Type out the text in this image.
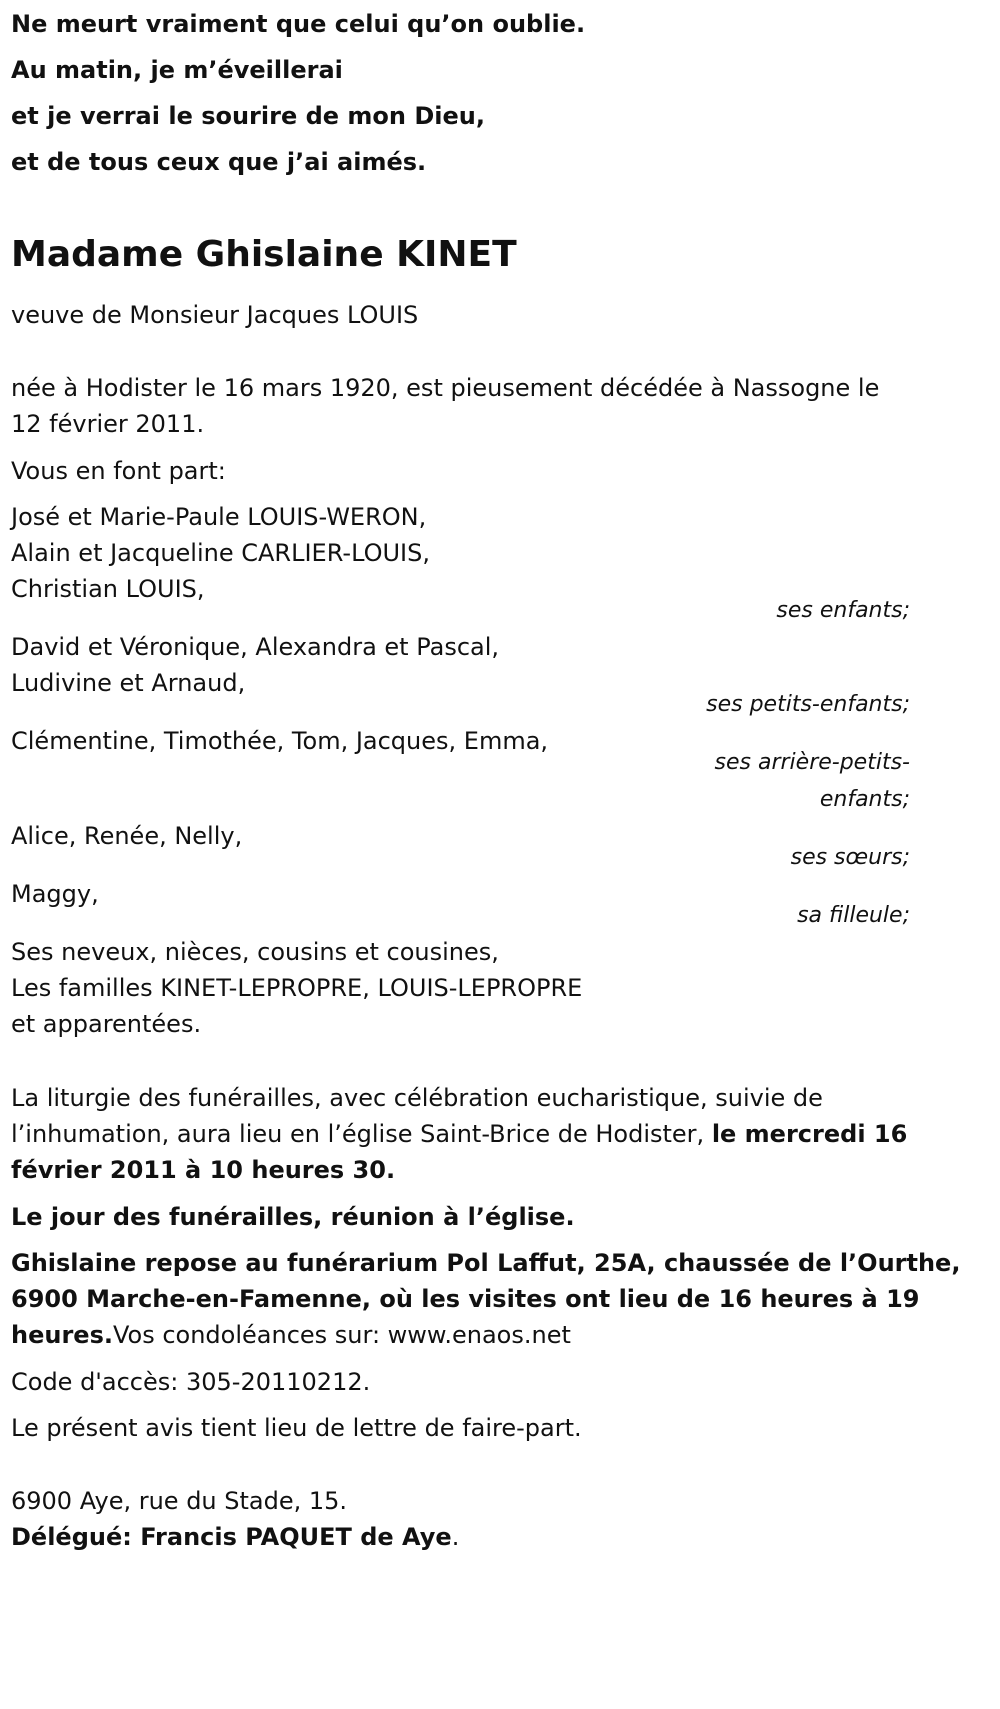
Ne meurt vraiment que celui qu’on oublie.
Au matin, je m’éveillerai
et je verrai le sourire de mon Dieu,
et de tous ceux que j’ai aimés.
Madame Ghislaine KINET
veuve de Monsieur Jacques LOUIS
née à Hodister le 16 mars 1920, est pieusement décédée à Nassogne le
12 février 2011.
Vous en font part:
José et Marie-Paule LOUIS-WERON,
Alain et Jacqueline CARLIER-LOUIS,
Christian LOUIS,
ses enfants;
David et Véronique, Alexandra et Pascal,
Ludivine et Arnaud,
ses petits-enfants;
Clémentine, Timothée, Tom, Jacques, Emma,
ses arrière-petits-
enfants;
Alice, Renée, Nelly,
ses sœurs;
Maggy,
sa filleule;
Ses neveux, nièces, cousins et cousines,
Les familles KINET-LEPROPRE, LOUIS-LEPROPRE
et apparentées.
La liturgie des funérailles, avec célébration eucharistique, suivie de
l’inhumation, aura lieu en l’église Saint-Brice de Hodister, le mercredi 16
février 2011 à 10 heures 30.
Le jour des funérailles, réunion à l’église.
Ghislaine repose au funérarium Pol Laffut, 25A, chaussée de l’Ourthe,
6900 Marche-en-Famenne, où les visites ont lieu de 16 heures à 19
heures.Vos condoléances sur: www.enaos.net
Code d'accès: 305-20110212.
Le présent avis tient lieu de lettre de faire-part.
6900 Aye, rue du Stade, 15.
Délégué: Francis PAQUET de Aye.
